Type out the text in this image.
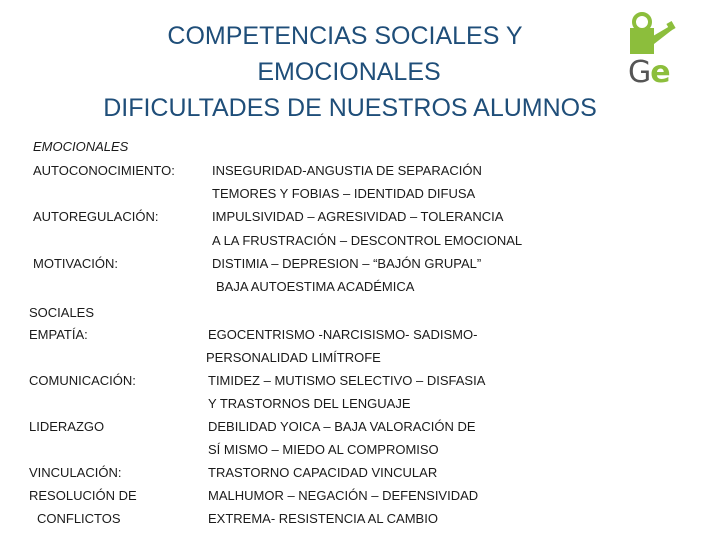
COMPETENCIAS SOCIALES Y
EMOCIONALES
DIFICULTADES DE NUESTROS ALUMNOS
Ge
EMOCIONALES
AUTOCONOCIMIENTO:
AUTOREGULACIÓN:
MOTIVACIÓN:
INSEGURIDAD-ANGUSTIA DE SEPARACIÓN
TEMORES Y FOBIAS – IDENTIDAD DIFUSA
IMPULSIVIDAD – AGRESIVIDAD – TOLERANCIA
A LA FRUSTRACIÓN – DESCONTROL EMOCIONAL
DISTIMIA – DEPRESION – “BAJÓN GRUPAL”
BAJA AUTOESTIMA ACADÉMICA
SOCIALES
EMPATÍA:
COMUNICACIÓN:
LIDERAZGO
VINCULACIÓN:
RESOLUCIÓN DE
CONFLICTOS
EGOCENTRISMO -NARCISISMO- SADISMO-
PERSONALIDAD LIMÍTROFE
TIMIDEZ – MUTISMO SELECTIVO – DISFASIA
Y TRASTORNOS DEL LENGUAJE
DEBILIDAD YOICA – BAJA VALORACIÓN DE
SÍ MISMO – MIEDO AL COMPROMISO
TRASTORNO CAPACIDAD VINCULAR
MALHUMOR – NEGACIÓN – DEFENSIVIDAD
EXTREMA- RESISTENCIA AL CAMBIO
